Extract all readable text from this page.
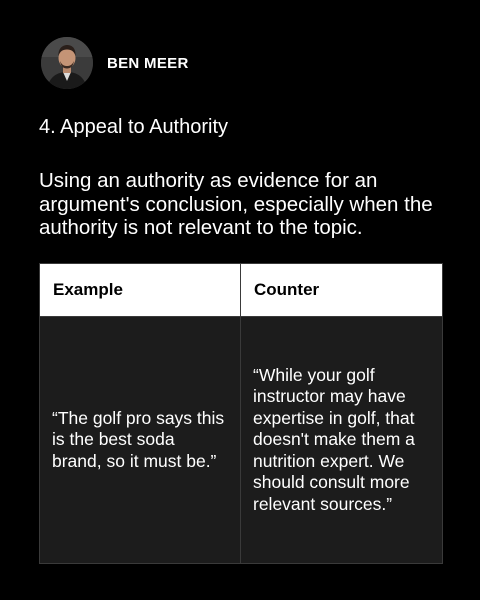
BEN MEER
4. Appeal to Authority
Using an authority as evidence for an argument's conclusion, especially when the authority is not relevant to the topic.
Example	Counter
“The golf pro says this is the best soda brand, so it must be.”	“While your golf instructor may have expertise in golf, that doesn't make them a nutrition expert. We should consult more relevant sources.”
